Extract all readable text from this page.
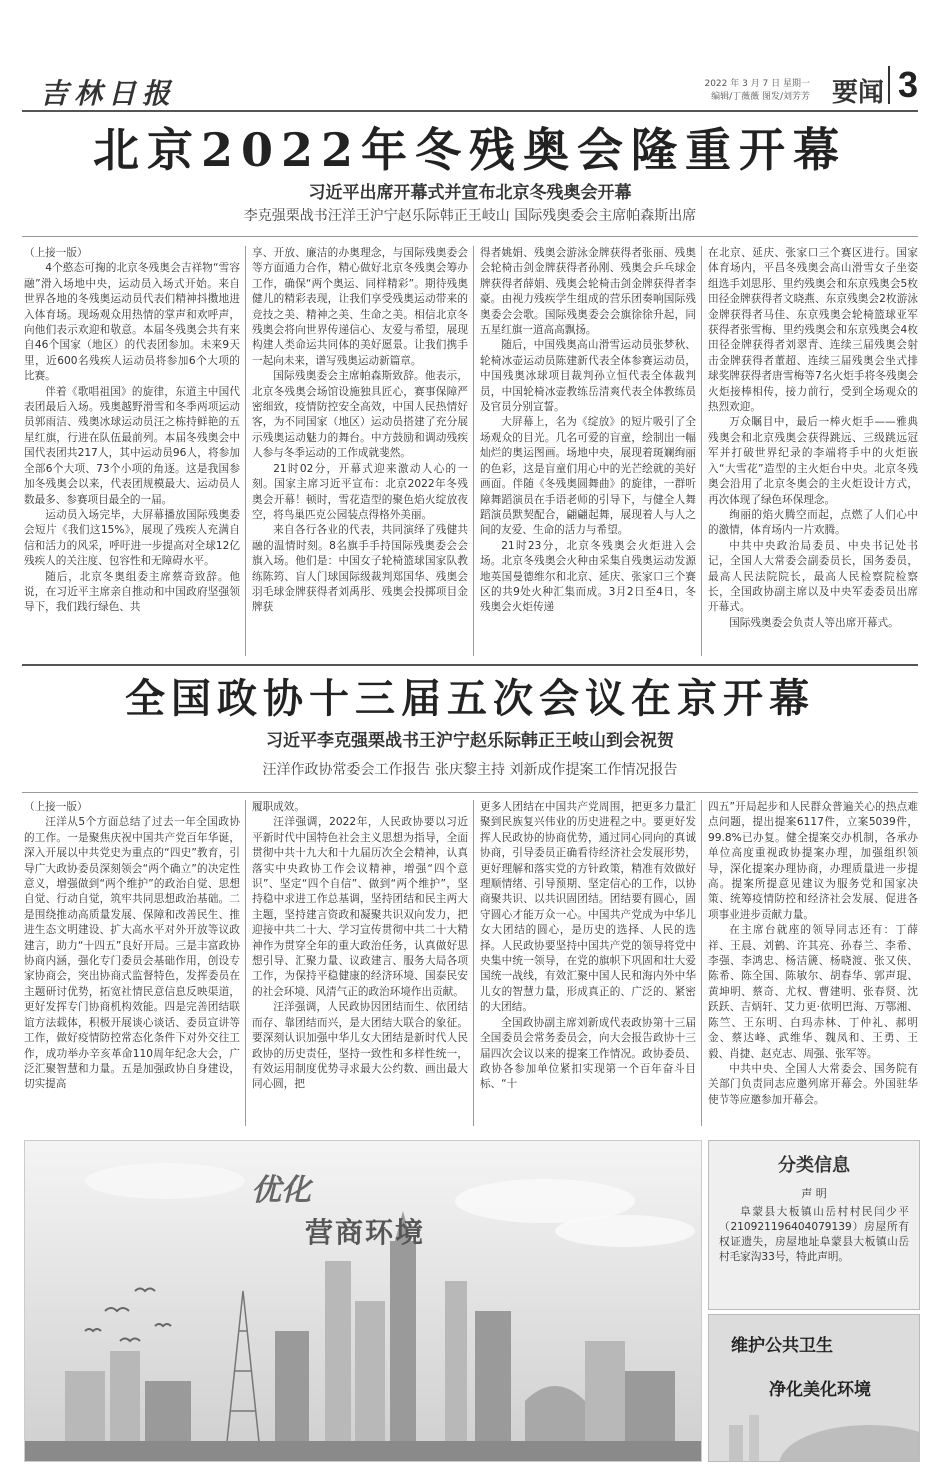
吉林日报	2022 年 3 月 7 日 星期一
编辑/丁薇薇 图发/刘芳芳 要闻 3
北京2022年冬残奥会隆重开幕
习近平出席开幕式并宣布北京冬残奥会开幕
李克强栗战书汪洋王沪宁赵乐际韩正王岐山 国际残奥委会主席帕森斯出席

（上接一版）

4个憨态可掬的北京冬残奥会吉祥物“雪容融”滑入场地中央，运动员入场式开始。来自世界各地的冬残奥运动员代表们精神抖擞地进入体育场。现场观众用热情的掌声和欢呼声，向他们表示欢迎和敬意。本届冬残奥会共有来自46个国家（地区）的代表团参加。未来9天里，近600名残疾人运动员将参加6个大项的比赛。

伴着《歌唱祖国》的旋律，东道主中国代表团最后入场。残奥越野滑雪和冬季两项运动员郭雨洁、残奥冰球运动员汪之栋持鲜艳的五星红旗，行进在队伍最前列。本届冬残奥会中国代表团共217人，其中运动员96人，将参加全部6个大项、73个小项的角逐。这是我国参加冬残奥会以来，代表团规模最大、运动员人数最多、参赛项目最全的一届。

运动员入场完毕，大屏幕播放国际残奥委会短片《我们这15%》，展现了残疾人充满自信和活力的风采，呼吁进一步提高对全球12亿残疾人的关注度、包容性和无障碍水平。

随后，北京冬奥组委主席蔡奇致辞。他说，在习近平主席亲自推动和中国政府坚强领导下，我们践行绿色、共

享、开放、廉洁的办奥理念，与国际残奥委会等方面通力合作，精心做好北京冬残奥会筹办工作，确保“两个奥运、同样精彩”。期待残奥健儿的精彩表现，让我们享受残奥运动带来的竞技之美、精神之美、生命之美。相信北京冬残奥会将向世界传递信心、友爱与希望，展现构建人类命运共同体的美好愿景。让我们携手一起向未来，谱写残奥运动新篇章。

国际残奥委会主席帕森斯致辞。他表示，北京冬残奥会场馆设施独具匠心，赛事保障严密细致，疫情防控安全高效，中国人民热情好客，为不同国家（地区）运动员搭建了充分展示残奥运动魅力的舞台。中方鼓励和调动残疾人参与冬季运动的工作成就斐然。

21时02分，开幕式迎来激动人心的一刻。国家主席习近平宣布：北京2022年冬残奥会开幕！顿时，雪花造型的聚色焰火绽放夜空，将鸟巢匹克公园装点得格外美丽。

来自各行各业的代表，共同演绎了残健共融的温情时刻。8名旗手手持国际残奥委会会旗入场。他们是：中国女子轮椅篮球国家队教练陈筠、盲人门球国际级裁判郑国华、残奥会羽毛球金牌获得者刘禹彤、残奥会投掷项目金牌获

得者姚娟、残奥会游泳金牌获得者张丽、残奥会轮椅击剑金牌获得者孙刚、残奥会乒乓球金牌获得者薛娟、残奥会轮椅击剑金牌获得者李豪。由视力残疾学生组成的营乐团奏响国际残奥委会会歌。国际残奥委会会旗徐徐升起，同五星红旗一道高高飘扬。

随后，中国残奥高山滑雪运动员张梦秋、轮椅冰壶运动员陈建新代表全体参赛运动员，中国残奥冰球项目裁判孙立恒代表全体裁判员，中国轮椅冰壶教练岳清爽代表全体教练员及官员分别宣誓。

大屏幕上，名为《绽放》的短片吸引了全场观众的目光。几名可爱的盲童，绘制出一幅灿烂的奥运图画。场地中央，展现着斑斓绚丽的色彩，这是盲童们用心中的光芒绘就的美好画面。伴随《冬残奥圆舞曲》的旋律，一群听障舞蹈演员在手语老师的引导下，与健全人舞蹈演员默契配合，翩翩起舞，展现着人与人之间的友爱、生命的活力与希望。

21时23分，北京冬残奥会火炬进入会场。北京冬残奥会火种由采集自残奥运动发源地英国曼德维尔和北京、延庆、张家口三个赛区的共9处火种汇集而成。3月2日至4日，冬残奥会火炬传递

在北京、延庆、张家口三个赛区进行。国家体育场内，平昌冬残奥会高山滑雪女子坐姿组选手刘思彤、里约残奥会和东京残奥会5枚田径金牌获得者文晓燕、东京残奥会2枚游泳金牌获得者马佳、东京残奥会轮椅篮球亚军获得者张雪梅、里约残奥会和东京残奥会4枚田径金牌获得者刘翠青、连续三届残奥会射击金牌获得者董超、连续三届残奥会坐式排球奖牌获得者唐雪梅等7名火炬手将冬残奥会火炬接棒相传，接力前行，受到全场观众的热烈欢迎。

万众瞩目中，最后一棒火炬手——雅典残奥会和北京残奥会获得跳远、三级跳远冠军并打破世界纪录的李端将手中的火炬嵌入“大雪花”造型的主火炬台中央。北京冬残奥会沿用了北京冬奥会的主火炬设计方式，再次体现了绿色环保理念。

绚丽的焰火腾空而起，点燃了人们心中的激情，体育场内一片欢腾。

中共中央政治局委员、中央书记处书记，全国人大常委会副委员长，国务委员，最高人民法院院长，最高人民检察院检察长，全国政协副主席以及中央军委委员出席开幕式。

国际残奥委会负责人等出席开幕式。

全国政协十三届五次会议在京开幕
习近平李克强栗战书王沪宁赵乐际韩正王岐山到会祝贺
汪洋作政协常委会工作报告 张庆黎主持 刘新成作提案工作情况报告

（上接一版）

汪洋从5个方面总结了过去一年全国政协的工作。一是聚焦庆祝中国共产党百年华诞，深入开展以中共党史为重点的“四史”教育，引导广大政协委员深刻领会“两个确立”的决定性意义，增强做到“两个维护”的政治自觉、思想自觉、行动自觉，筑牢共同思想政治基础。二是围绕推动高质量发展、保障和改善民生、推进生态文明建设、扩大高水平对外开放等议政建言，助力“十四五”良好开局。三是丰富政协协商内涵，强化专门委员会基础作用，创设专家协商会，突出协商式监督特色，发挥委员在主题研讨优势，拓宽社情民意信息反映渠道，更好发挥专门协商机构效能。四是完善团结联谊方法载体，积极开展谈心谈话、委员宣讲等工作，做好疫情防控常态化条件下对外交往工作，成功举办辛亥革命110周年纪念大会，广泛汇聚智慧和力量。五是加强政协自身建设，切实提高

履职成效。

汪洋强调，2022年，人民政协要以习近平新时代中国特色社会主义思想为指导，全面贯彻中共十九大和十九届历次全会精神，认真落实中央政协工作会议精神，增强“四个意识”、坚定“四个自信”、做到“两个维护”，坚持稳中求进工作总基调，坚持团结和民主两大主题，坚持建言资政和凝聚共识双向发力，把迎接中共二十大、学习宣传贯彻中共二十大精神作为贯穿全年的重大政治任务，认真做好思想引导、汇聚力量、议政建言、服务大局各项工作，为保持平稳健康的经济环境、国泰民安的社会环境、风清气正的政治环境作出贡献。

汪洋强调，人民政协因团结而生、依团结而存、靠团结而兴，是大团结大联合的象征。要深刻认识加强中华儿女大团结是新时代人民政协的历史责任，坚持一致性和多样性统一，有效运用制度优势寻求最大公约数、画出最大同心圆，把

更多人团结在中国共产党周围，把更多力量汇聚到民族复兴伟业的历史进程之中。要更好发挥人民政协的协商优势，通过同心同向的真诚协商，引导委员正确看待经济社会发展形势，更好理解和落实党的方针政策，精准有效做好理顺情绪、引导预期、坚定信心的工作，以协商聚共识、以共识固团结。团结要有圆心，固守圆心才能万众一心。中国共产党成为中华儿女大团结的圆心，是历史的选择、人民的选择。人民政协要坚持中国共产党的领导将党中央集中统一领导，在党的旗帜下巩固和壮大爱国统一战线，有效汇聚中国人民和海内外中华儿女的智慧力量，形成真正的、广泛的、紧密的大团结。

全国政协副主席刘新成代表政协第十三届全国委员会常务委员会，向大会报告政协十三届四次会议以来的提案工作情况。政协委员、政协各参加单位紧扣实现第一个百年奋斗目标、“十

四五”开局起步和人民群众普遍关心的热点难点问题，提出提案6117件，立案5039件，99.8%已办复。健全提案交办机制，各承办单位高度重视政协提案办理，加强组织领导，深化提案办理协商，办理质量进一步提高。提案所提意见建议为服务党和国家决策、统筹疫情防控和经济社会发展、促进各项事业进步贡献力量。

在主席台就座的领导同志还有：丁薛祥、王晨、刘鹤、许其亮、孙春兰、李希、李强、李鸿忠、杨洁篪、杨晓渡、张又侠、陈希、陈全国、陈敏尔、胡春华、郭声琨、黄坤明、蔡奇、尤权、曹建明、张春贤、沈跃跃、吉炳轩、艾力更·依明巴海、万鄂湘、陈竺、王东明、白玛赤林、丁仲礼、郝明金、蔡达峰、武维华、魏凤和、王勇、王毅、肖捷、赵克志、周强、张军等。

中共中央、全国人大常委会、国务院有关部门负责同志应邀列席开幕会。外国驻华使节等应邀参加开幕会。

优化
营商环境
分类信息
声 明
阜蒙县大板镇山岳村村民闫少平（210921196404079139）房屋所有权证遗失，房屋地址阜蒙县大板镇山岳村毛家沟33号，特此声明。
维护公共卫生
净化美化环境
